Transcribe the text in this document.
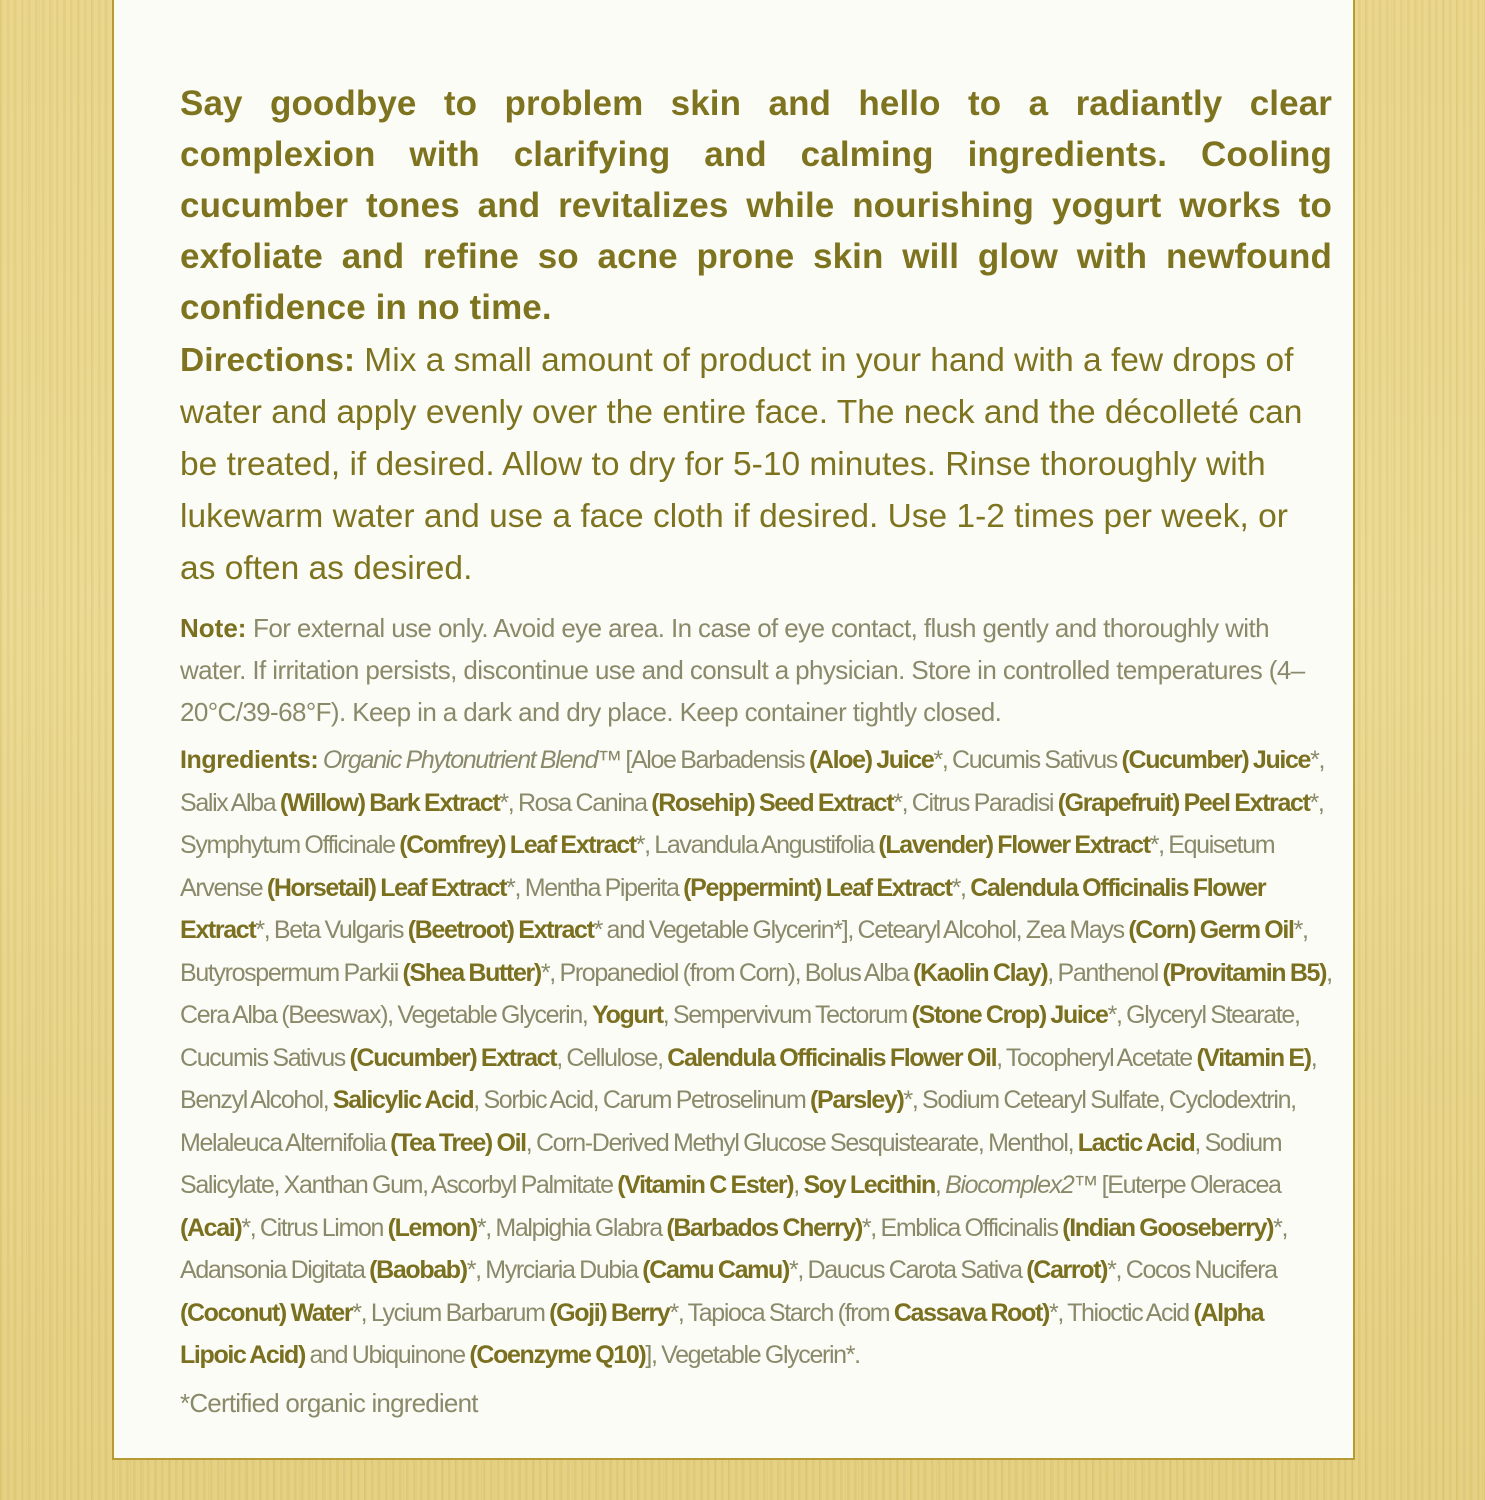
Say goodbye to problem skin and hello to a radiantly clear complexion with clarifying and calming ingredients. Cooling cucumber tones and revitalizes while nourishing yogurt works to exfoliate and refine so acne prone skin will glow with newfound confidence in no time.

Directions: Mix a small amount of product in your hand with a few drops of water and apply evenly over the entire face. The neck and the décolleté can be treated, if desired. Allow to dry for 5-10 minutes. Rinse thoroughly with lukewarm water and use a face cloth if desired. Use 1-2 times per week, or as often as desired.

Note: For external use only. Avoid eye area. In case of eye contact, flush gently and thoroughly with water. If irritation persists, discontinue use and consult a physician. Store in controlled temperatures (4–20°C/39-68°F). Keep in a dark and dry place. Keep container tightly closed.

Ingredients: Organic Phytonutrient Blend™ [Aloe Barbadensis (Aloe) Juice*, Cucumis Sativus (Cucumber) Juice*, Salix Alba (Willow) Bark Extract*, Rosa Canina (Rosehip) Seed Extract*, Citrus Paradisi (Grapefruit) Peel Extract*, Symphytum Officinale (Comfrey) Leaf Extract*, Lavandula Angustifolia (Lavender) Flower Extract*, Equisetum Arvense (Horsetail) Leaf Extract*, Mentha Piperita (Peppermint) Leaf Extract*, Calendula Officinalis Flower Extract*, Beta Vulgaris (Beetroot) Extract* and Vegetable Glycerin*], Cetearyl Alcohol, Zea Mays (Corn) Germ Oil*, Butyrospermum Parkii (Shea Butter)*, Propanediol (from Corn), Bolus Alba (Kaolin Clay), Panthenol (Provitamin B5), Cera Alba (Beeswax), Vegetable Glycerin, Yogurt, Sempervivum Tectorum (Stone Crop) Juice*, Glyceryl Stearate, Cucumis Sativus (Cucumber) Extract, Cellulose, Calendula Officinalis Flower Oil, Tocopheryl Acetate (Vitamin E), Benzyl Alcohol, Salicylic Acid, Sorbic Acid, Carum Petroselinum (Parsley)*, Sodium Cetearyl Sulfate, Cyclodextrin, Melaleuca Alternifolia (Tea Tree) Oil, Corn-Derived Methyl Glucose Sesquistearate, Menthol, Lactic Acid, Sodium Salicylate, Xanthan Gum, Ascorbyl Palmitate (Vitamin C Ester), Soy Lecithin, Biocomplex2™ [Euterpe Oleracea (Acai)*, Citrus Limon (Lemon)*, Malpighia Glabra (Barbados Cherry)*, Emblica Officinalis (Indian Gooseberry)*, Adansonia Digitata (Baobab)*, Myrciaria Dubia (Camu Camu)*, Daucus Carota Sativa (Carrot)*, Cocos Nucifera (Coconut) Water*, Lycium Barbarum (Goji) Berry*, Tapioca Starch (from Cassava Root)*, Thioctic Acid (Alpha Lipoic Acid) and Ubiquinone (Coenzyme Q10)], Vegetable Glycerin*.

*Certified organic ingredient
